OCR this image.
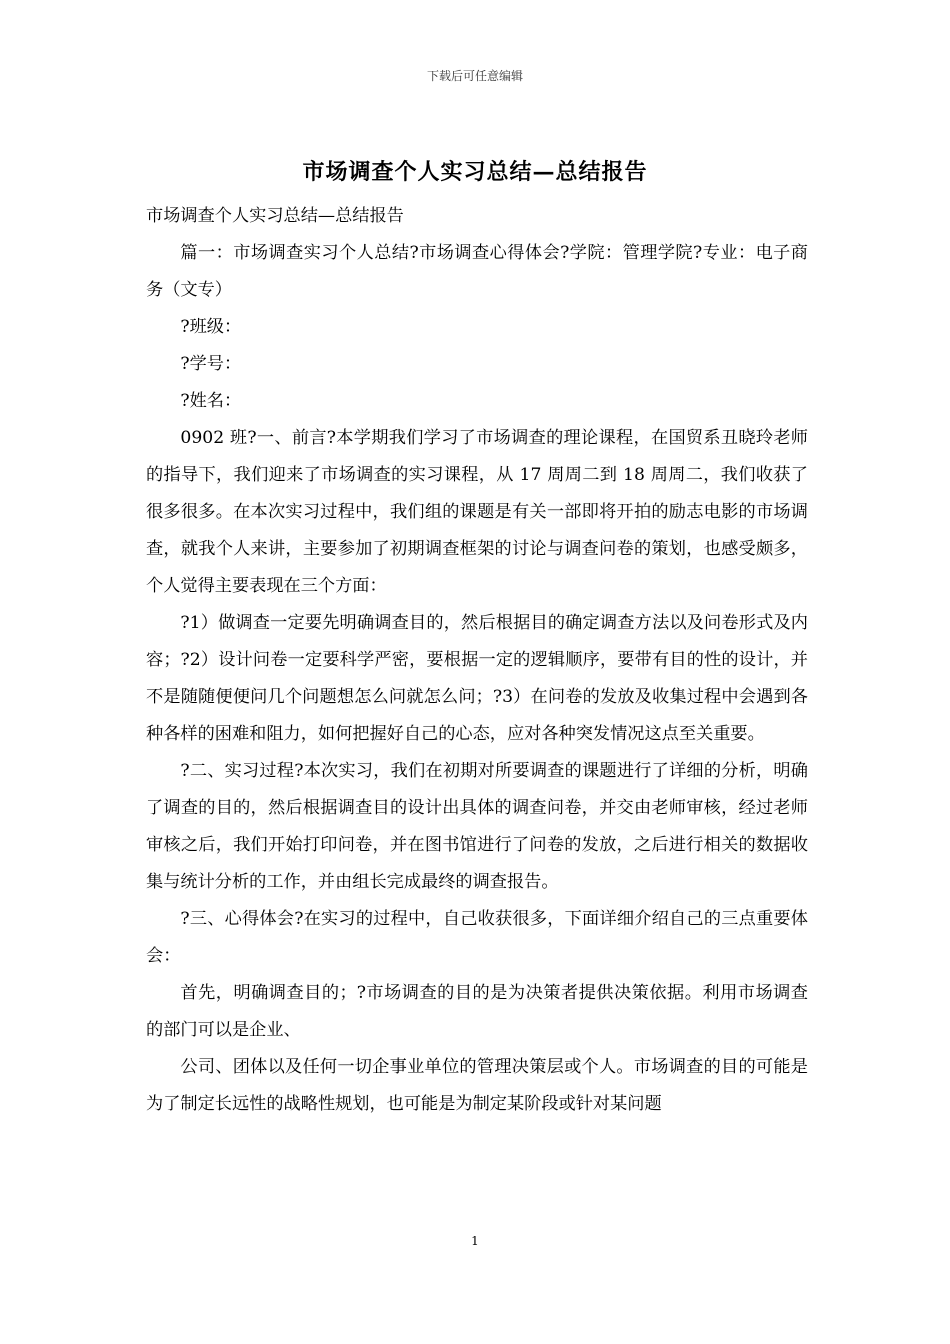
下载后可任意编辑
市场调查个人实习总结—总结报告

市场调查个人实习总结—总结报告

篇一：市场调查实习个人总结?市场调查心得体会?学院：管理学院?专业：电子商务（文专）

?班级：

?学号：

?姓名：

0902 班?一、前言?本学期我们学习了市场调查的理论课程，在国贸系丑晓玲老师的指导下，我们迎来了市场调查的实习课程，从 17 周周二到 18 周周二，我们收获了很多很多。在本次实习过程中，我们组的课题是有关一部即将开拍的励志电影的市场调查，就我个人来讲，主要参加了初期调查框架的讨论与调查问卷的策划，也感受颇多，个人觉得主要表现在三个方面：

?1）做调查一定要先明确调查目的，然后根据目的确定调查方法以及问卷形式及内容；?2）设计问卷一定要科学严密，要根据一定的逻辑顺序，要带有目的性的设计，并不是随随便便问几个问题想怎么问就怎么问；?3）在问卷的发放及收集过程中会遇到各种各样的困难和阻力，如何把握好自己的心态，应对各种突发情况这点至关重要。

?二、实习过程?本次实习，我们在初期对所要调查的课题进行了详细的分析，明确了调查的目的，然后根据调查目的设计出具体的调查问卷，并交由老师审核，经过老师审核之后，我们开始打印问卷，并在图书馆进行了问卷的发放，之后进行相关的数据收集与统计分析的工作，并由组长完成最终的调查报告。

?三、心得体会?在实习的过程中，自己收获很多，下面详细介绍自己的三点重要体会：

首先，明确调查目的；?市场调查的目的是为决策者提供决策依据。利用市场调查的部门可以是企业、

公司、团体以及任何一切企事业单位的管理决策层或个人。市场调查的目的可能是为了制定长远性的战略性规划，也可能是为制定某阶段或针对某问题

1
